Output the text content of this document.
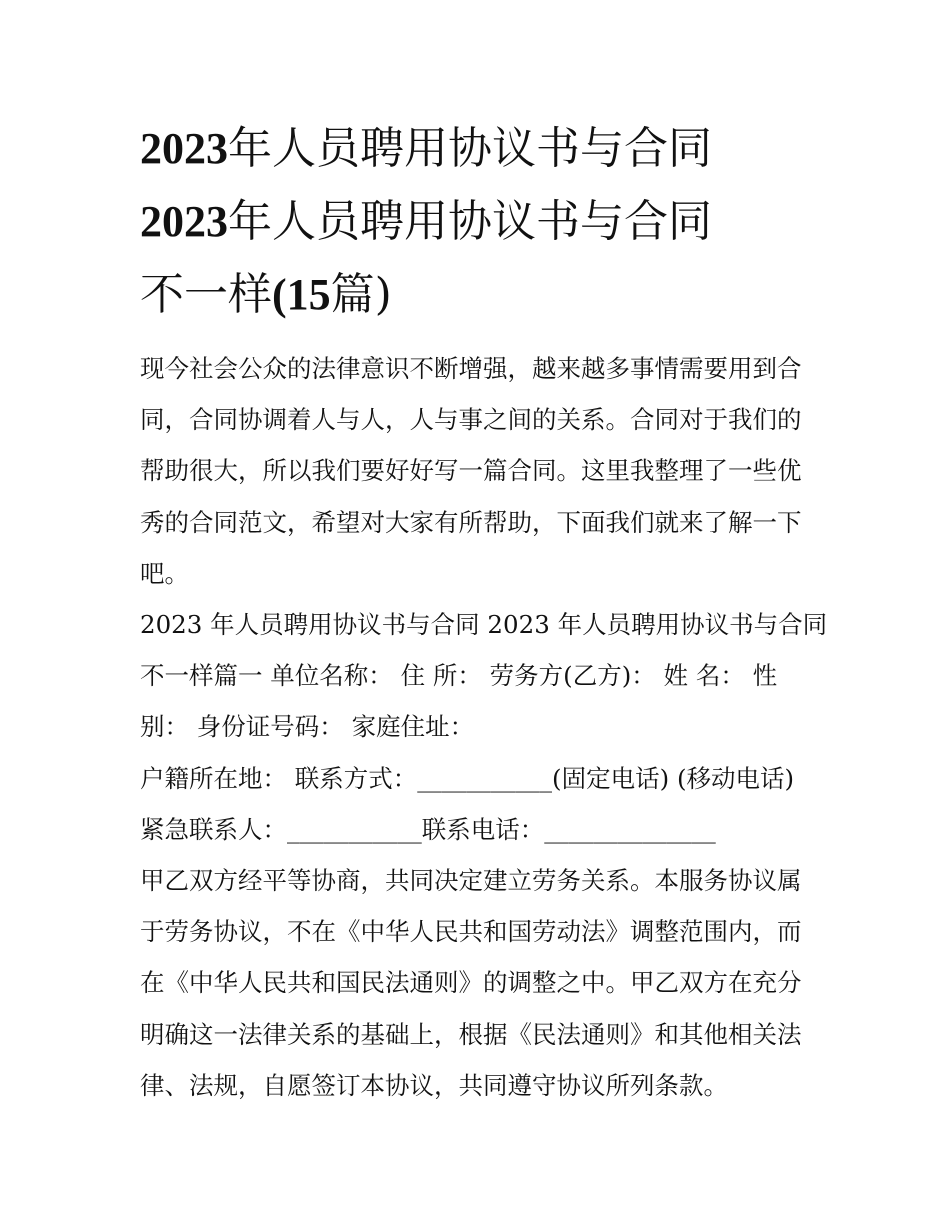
2023年人员聘用协议书与合同
2023年人员聘用协议书与合同
不一样(15篇)

现今社会公众的法律意识不断增强，越来越多事情需要用到合
同，合同协调着人与人，人与事之间的关系。合同对于我们的
帮助很大，所以我们要好好写一篇合同。这里我整理了一些优
秀的合同范文，希望对大家有所帮助，下面我们就来了解一下
吧。

2023 年人员聘用协议书与合同 2023 年人员聘用协议书与合同
不一样篇一 单位名称： 住 所： 劳务方(乙方)： 姓 名： 性
别： 身份证号码： 家庭住址：

户籍所在地： 联系方式：___________(固定电话) (移动电话)
紧急联系人：___________联系电话：______________

甲乙双方经平等协商，共同决定建立劳务关系。本服务协议属
于劳务协议，不在《中华人民共和国劳动法》调整范围内，而
在《中华人民共和国民法通则》的调整之中。甲乙双方在充分
明确这一法律关系的基础上，根据《民法通则》和其他相关法
律、法规，自愿签订本协议，共同遵守协议所列条款。
